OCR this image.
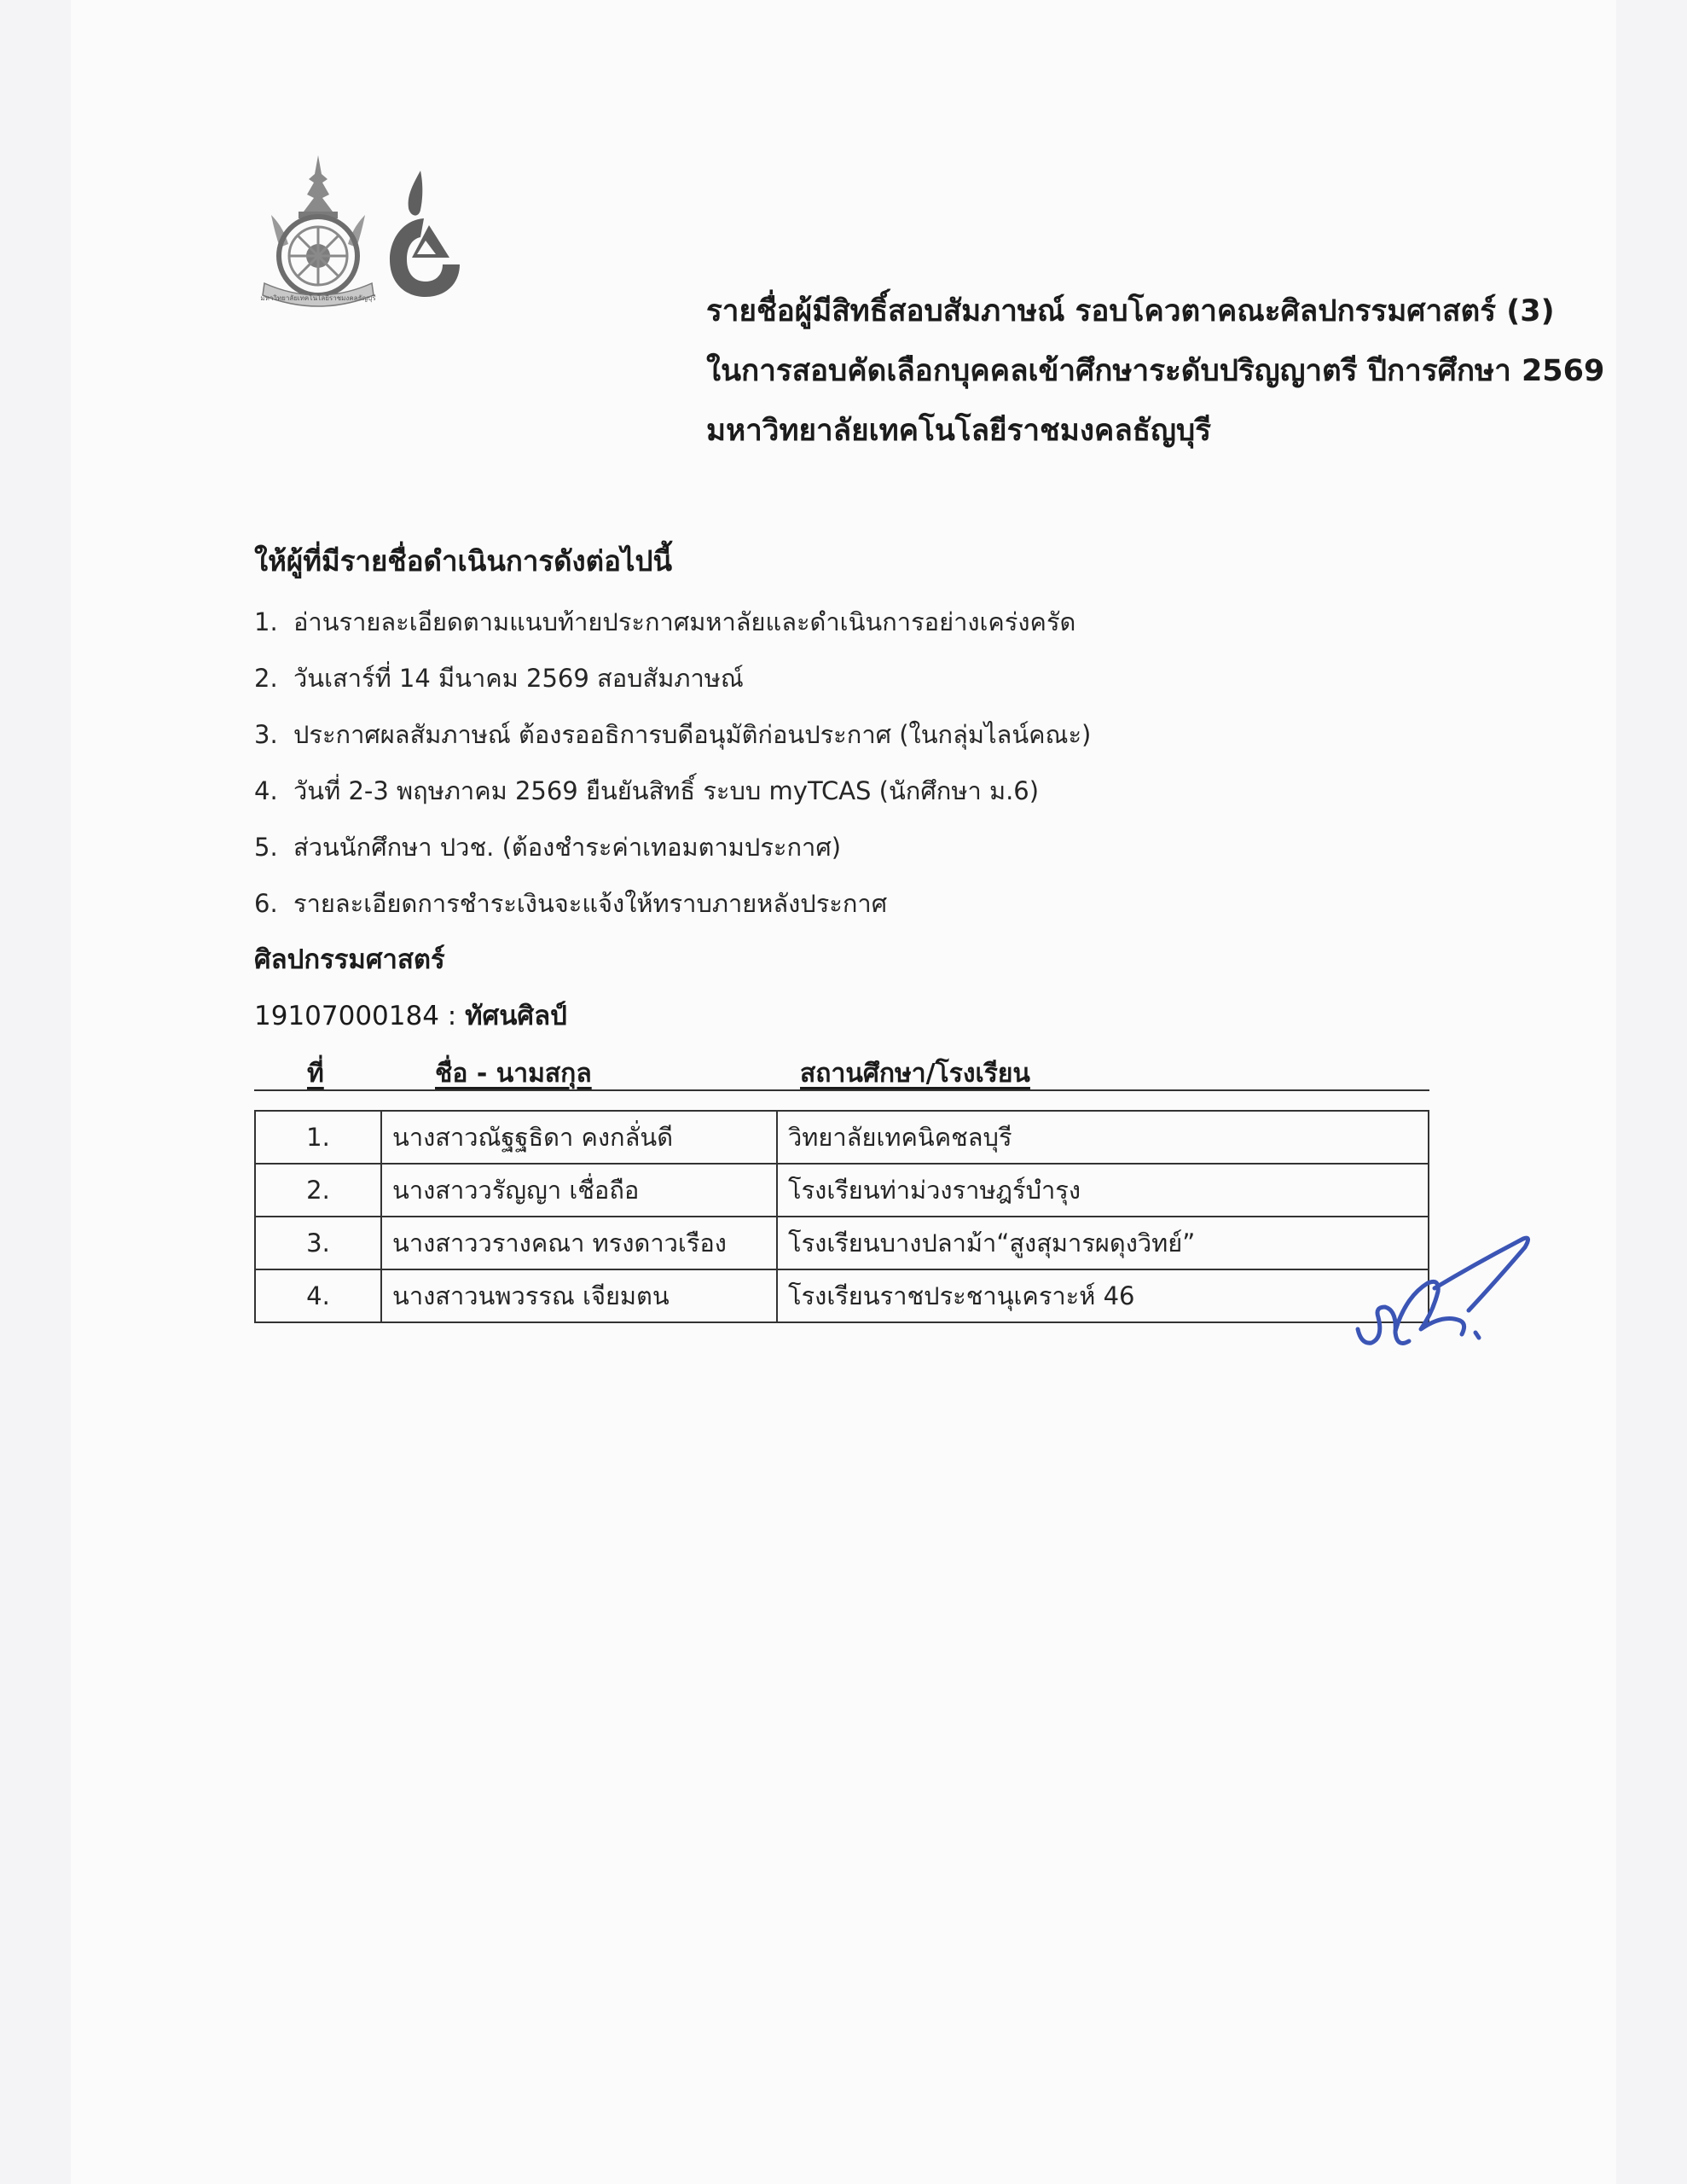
มหาวิทยาลัยเทคโนโลยีราชมงคลธัญบุรี	รายชื่อผู้มีสิทธิ์สอบสัมภาษณ์ รอบโควตาคณะศิลปกรรมศาสตร์ (3)
ในการสอบคัดเลือกบุคคลเข้าศึกษาระดับปริญญาตรี ปีการศึกษา 2569
มหาวิทยาลัยเทคโนโลยีราชมงคลธัญบุรี
ให้ผู้ที่มีรายชื่อดำเนินการดังต่อไปนี้
1. อ่านรายละเอียดตามแนบท้ายประกาศมหาลัยและดำเนินการอย่างเคร่งครัด
2. วันเสาร์ที่ 14 มีนาคม 2569 สอบสัมภาษณ์
3. ประกาศผลสัมภาษณ์ ต้องรออธิการบดีอนุมัติก่อนประกาศ (ในกลุ่มไลน์คณะ)
4. วันที่ 2-3 พฤษภาคม 2569 ยืนยันสิทธิ์ ระบบ myTCAS (นักศึกษา ม.6)
5. ส่วนนักศึกษา ปวช. (ต้องชำระค่าเทอมตามประกาศ)
6. รายละเอียดการชำระเงินจะแจ้งให้ทราบภายหลังประกาศ
ศิลปกรรมศาสตร์
19107000184 : ทัศนศิลป์
ที่	ชื่อ - นามสกุล	สถานศึกษา/โรงเรียน
1.	นางสาวณัฐฐธิดา คงกลั่นดี	วิทยาลัยเทคนิคชลบุรี
2.	นางสาววรัญญา เชื่อถือ	โรงเรียนท่าม่วงราษฎร์บำรุง
3.	นางสาววรางคณา ทรงดาวเรือง	โรงเรียนบางปลาม้า“สูงสุมารผดุงวิทย์”
4.	นางสาวนพวรรณ เจียมตน	โรงเรียนราชประชานุเคราะห์ 46
